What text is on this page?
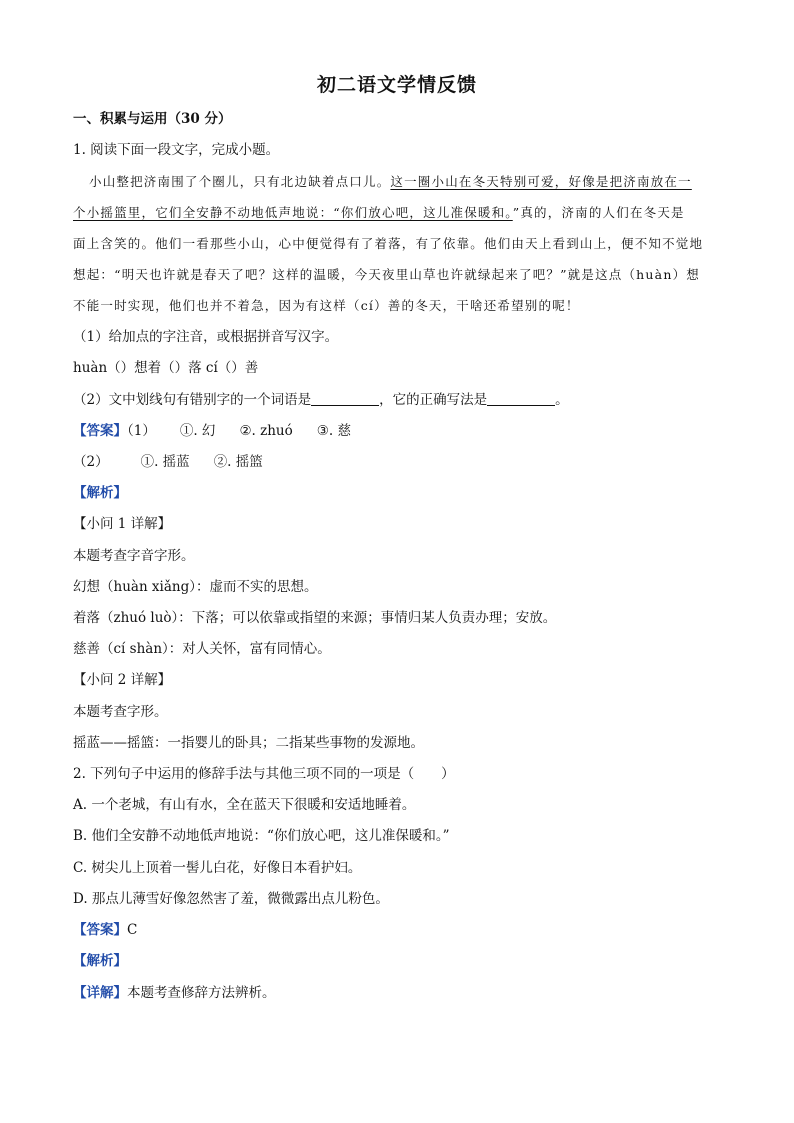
初二语文学情反馈
一、积累与运用（30 分）
1. 阅读下面一段文字，完成小题。
小山整把济南围了个圈儿，只有北边缺着点口儿。这一圈小山在冬天特别可爱，好像是把济南放在一
个小摇篮里，它们全安静不动地低声地说：“你们放心吧，这儿准保暖和。”真的，济南的人们在冬天是
面上含笑的。他们一看那些小山，心中便觉得有了着落，有了依靠。他们由天上看到山上，便不知不觉地
想起：“明天也许就是春天了吧？这样的温暖，今天夜里山草也许就绿起来了吧？”就是这点（huàn）想
不能一时实现，他们也并不着急，因为有这样（cí）善的冬天，干啥还希望别的呢！
（1）给加点的字注音，或根据拼音写汉字。
huàn（）想着（）落 cí（）善
（2）文中划线句有错别字的一个词语是	，它的正确写法是	。
【答案】（1） ①. 幻 ②. zhuó ③. 慈
（2） ①. 摇蓝 ②. 摇篮
【解析】
【小问 1 详解】
本题考查字音字形。
幻想（huàn xiǎng）：虚而不实的思想。
着落（zhuó luò）：下落；可以依靠或指望的来源；事情归某人负责办理；安放。
慈善（cí shàn）：对人关怀，富有同情心。
【小问 2 详解】
本题考查字形。
摇蓝——摇篮：一指婴儿的卧具；二指某些事物的发源地。
2. 下列句子中运用的修辞手法与其他三项不同的一项是（　　）
A. 一个老城，有山有水，全在蓝天下很暖和安适地睡着。
B. 他们全安静不动地低声地说：“你们放心吧，这儿准保暖和。”
C. 树尖儿上顶着一髻儿白花，好像日本看护妇。
D. 那点儿薄雪好像忽然害了羞，微微露出点儿粉色。
【答案】C
【解析】
【详解】本题考查修辞方法辨析。
